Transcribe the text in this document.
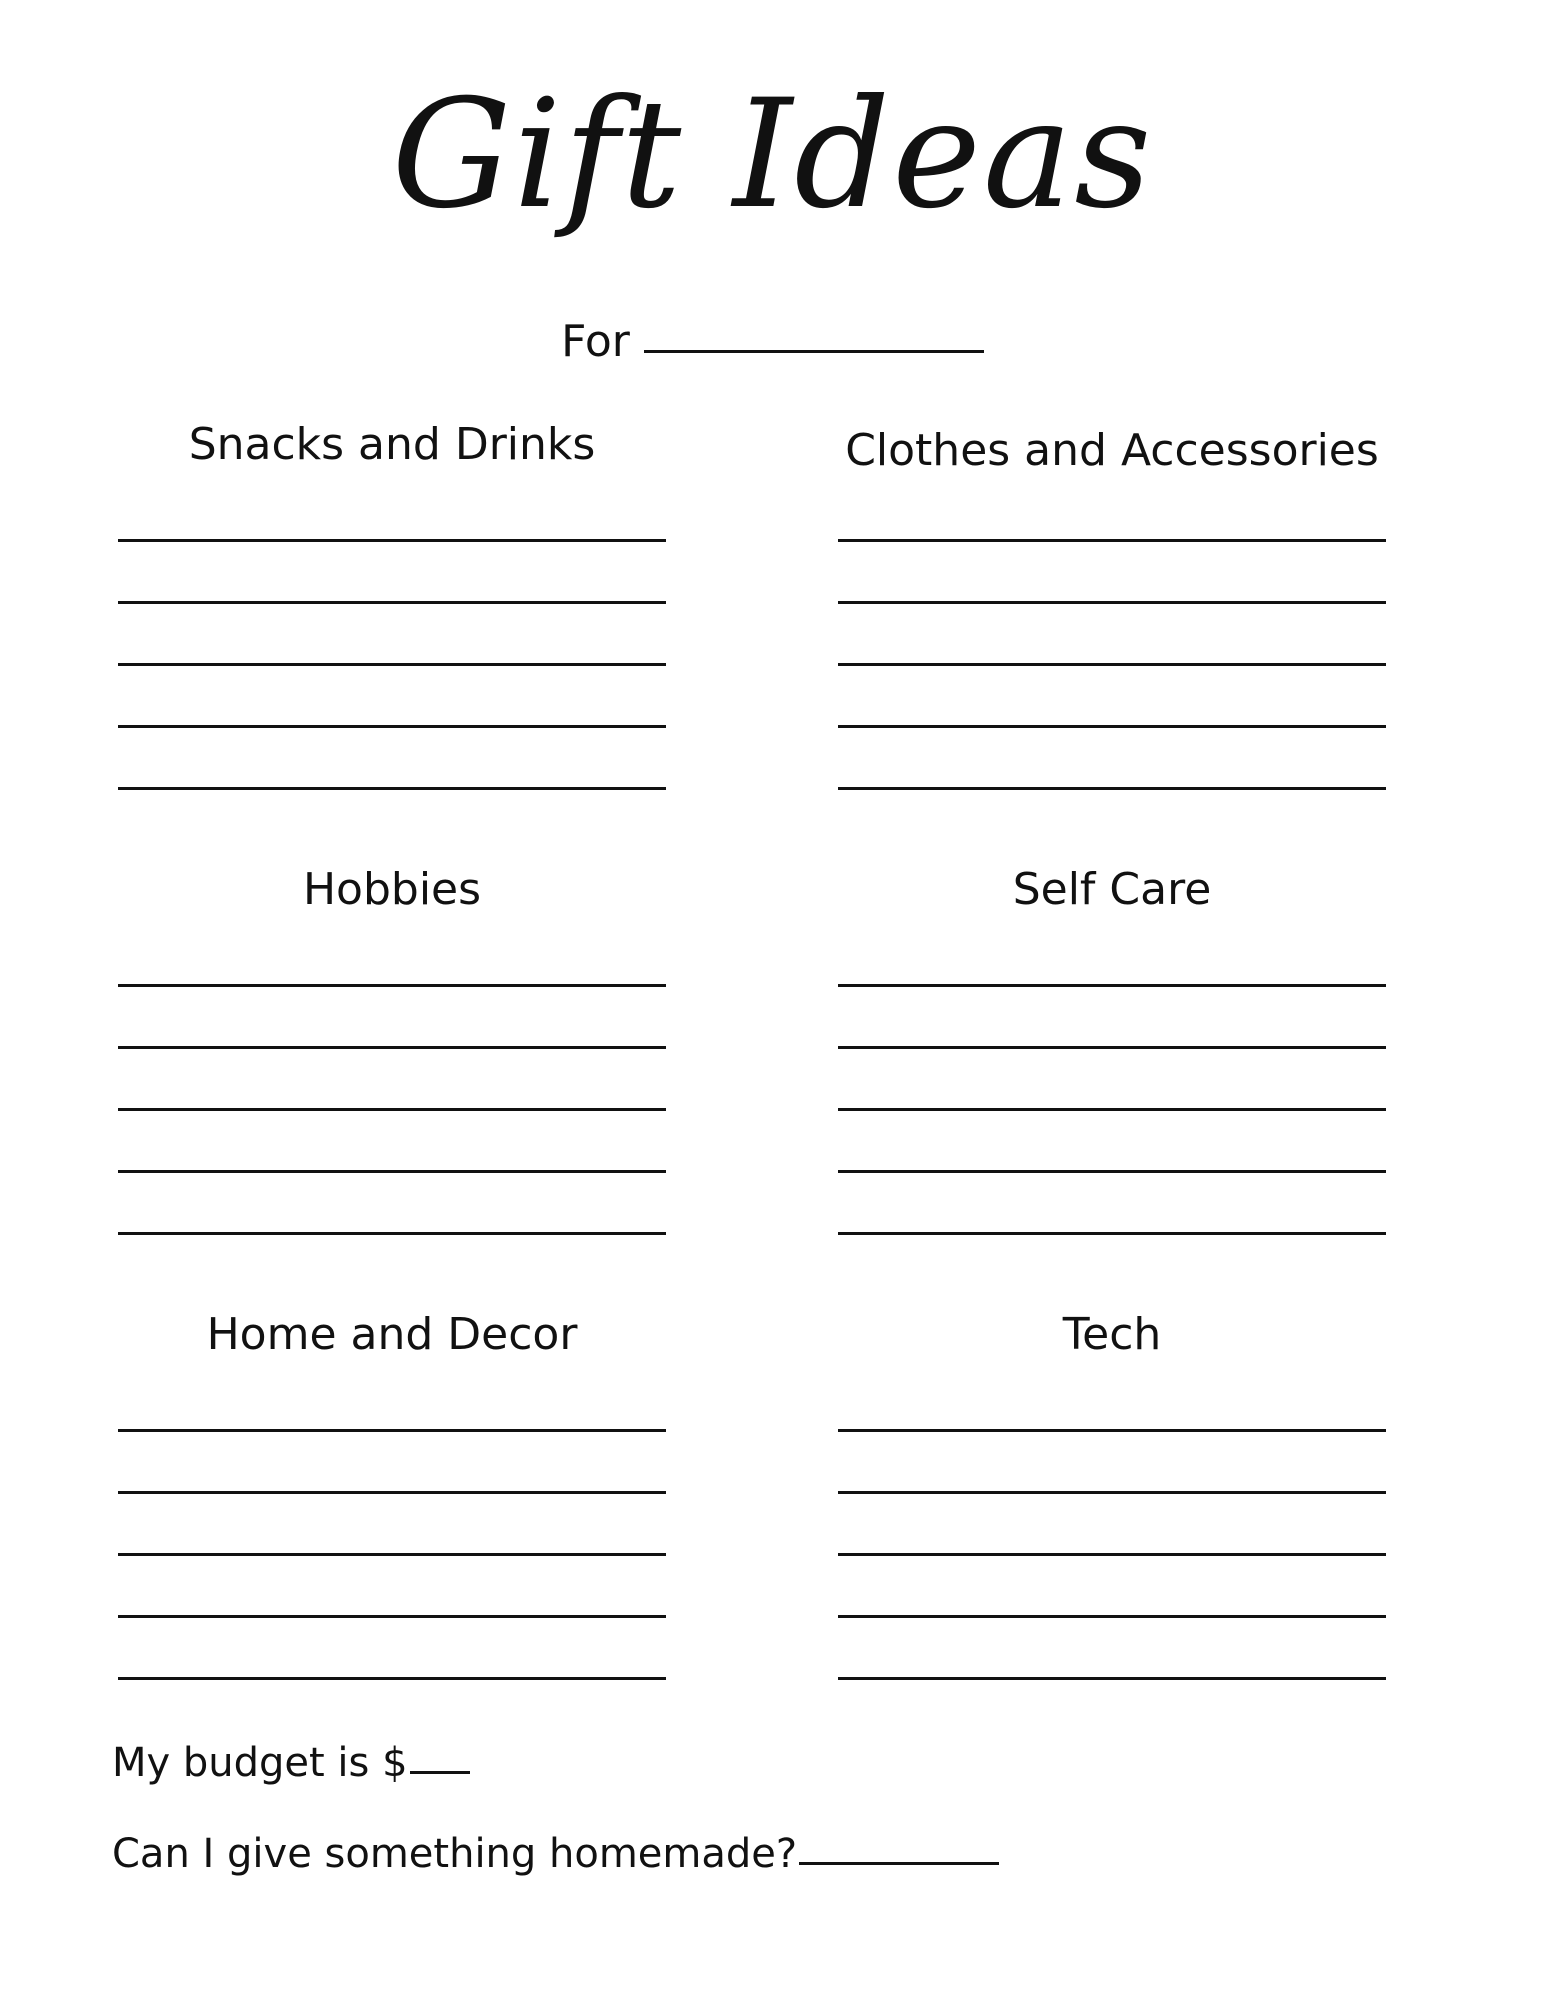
Gift Ideas
For
Snacks and Drinks	Clothes and Accessories
Hobbies	Self Care
Home and Decor	Tech
My budget is $
Can I give something homemade?
